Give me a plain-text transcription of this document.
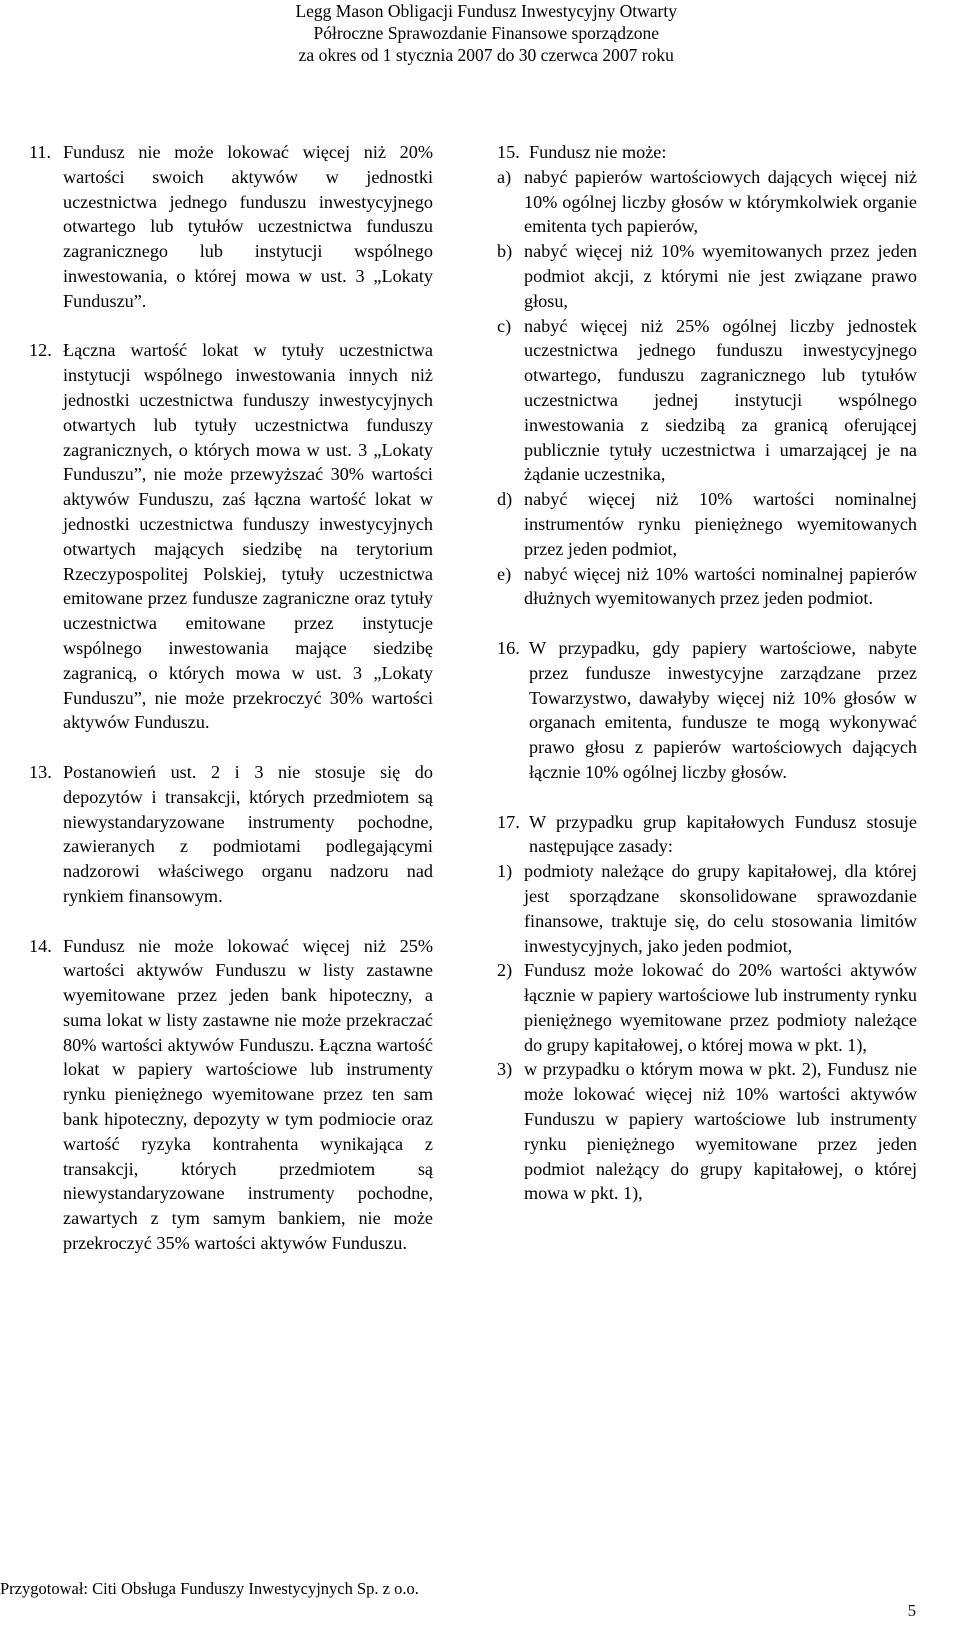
Legg Mason Obligacji Fundusz Inwestycyjny Otwarty
Półroczne Sprawozdanie Finansowe sporządzone
za okres od 1 stycznia 2007 do 30 czerwca 2007 roku
11. Fundusz nie może lokować więcej niż 20% wartości swoich aktywów w jednostki uczestnictwa jednego funduszu inwestycyjnego otwartego lub tytułów uczestnictwa funduszu zagranicznego lub instytucji wspólnego inwestowania, o której mowa w ust. 3 „Lokaty Funduszu”.
12. Łączna wartość lokat w tytuły uczestnictwa instytucji wspólnego inwestowania innych niż jednostki uczestnictwa funduszy inwestycyjnych otwartych lub tytuły uczestnictwa funduszy zagranicznych, o których mowa w ust. 3 „Lokaty Funduszu”, nie może przewyższać 30% wartości aktywów Funduszu, zaś łączna wartość lokat w jednostki uczestnictwa funduszy inwestycyjnych otwartych mających siedzibę na terytorium Rzeczypospolitej Polskiej, tytuły uczestnictwa emitowane przez fundusze zagraniczne oraz tytuły uczestnictwa emitowane przez instytucje wspólnego inwestowania mające siedzibę zagranicą, o których mowa w ust. 3 „Lokaty Funduszu”, nie może przekroczyć 30% wartości aktywów Funduszu.
13. Postanowień ust. 2 i 3 nie stosuje się do depozytów i transakcji, których przedmiotem są niewystandaryzowane instrumenty pochodne, zawieranych z podmiotami podlegającymi nadzorowi właściwego organu nadzoru nad rynkiem finansowym.
14. Fundusz nie może lokować więcej niż 25% wartości aktywów Funduszu w listy zastawne wyemitowane przez jeden bank hipoteczny, a suma lokat w listy zastawne nie może przekraczać 80% wartości aktywów Funduszu. Łączna wartość lokat w papiery wartościowe lub instrumenty rynku pieniężnego wyemitowane przez ten sam bank hipoteczny, depozyty w tym podmiocie oraz wartość ryzyka kontrahenta wynikająca z transakcji, których przedmiotem są niewystandaryzowane instrumenty pochodne, zawartych z tym samym bankiem, nie może przekroczyć 35% wartości aktywów Funduszu.
15. Fundusz nie może:
a) nabyć papierów wartościowych dających więcej niż 10% ogólnej liczby głosów w którymkolwiek organie emitenta tych papierów,
b) nabyć więcej niż 10% wyemitowanych przez jeden podmiot akcji, z którymi nie jest związane prawo głosu,
c) nabyć więcej niż 25% ogólnej liczby jednostek uczestnictwa jednego funduszu inwestycyjnego otwartego, funduszu zagranicznego lub tytułów uczestnictwa jednej instytucji wspólnego inwestowania z siedzibą za granicą oferującej publicznie tytuły uczestnictwa i umarzającej je na żądanie uczestnika,
d) nabyć więcej niż 10% wartości nominalnej instrumentów rynku pieniężnego wyemitowanych przez jeden podmiot,
e) nabyć więcej niż 10% wartości nominalnej papierów dłużnych wyemitowanych przez jeden podmiot.
16. W przypadku, gdy papiery wartościowe, nabyte przez fundusze inwestycyjne zarządzane przez Towarzystwo, dawałyby więcej niż 10% głosów w organach emitenta, fundusze te mogą wykonywać prawo głosu z papierów wartościowych dających łącznie 10% ogólnej liczby głosów.
17. W przypadku grup kapitałowych Fundusz stosuje następujące zasady:
1) podmioty należące do grupy kapitałowej, dla której jest sporządzane skonsolidowane sprawozdanie finansowe, traktuje się, do celu stosowania limitów inwestycyjnych, jako jeden podmiot,
2) Fundusz może lokować do 20% wartości aktywów łącznie w papiery wartościowe lub instrumenty rynku pieniężnego wyemitowane przez podmioty należące do grupy kapitałowej, o której mowa w pkt. 1),
3) w przypadku o którym mowa w pkt. 2), Fundusz nie może lokować więcej niż 10% wartości aktywów Funduszu w papiery wartościowe lub instrumenty rynku pieniężnego wyemitowane przez jeden podmiot należący do grupy kapitałowej, o której mowa w pkt. 1),
Przygotował: Citi Obsługa Funduszy Inwestycyjnych Sp. z o.o.
5
